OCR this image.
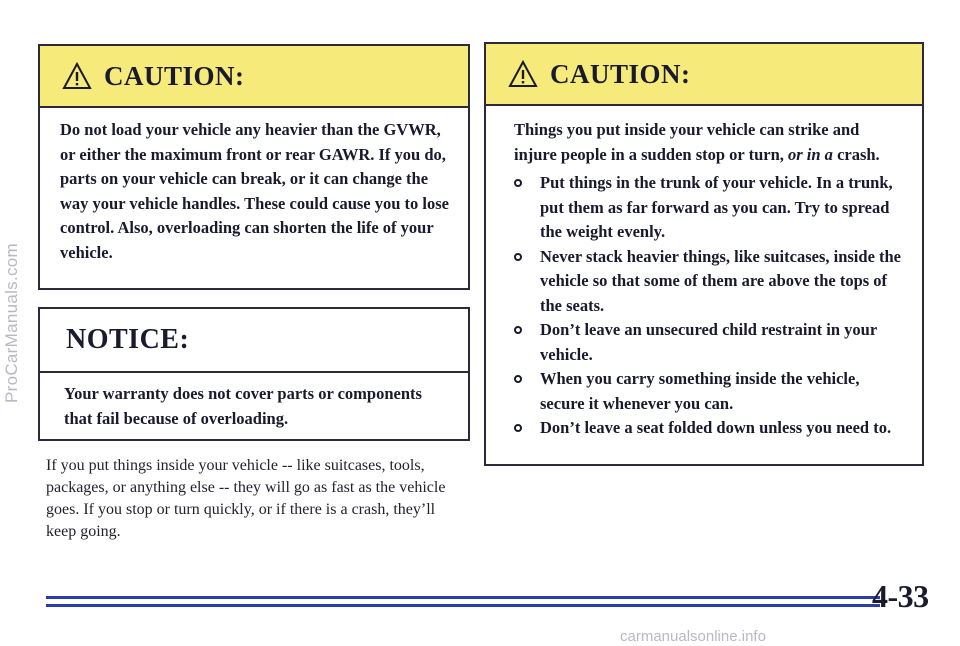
ProCarManuals.com
CAUTION:
Do not load your vehicle any heavier than the GVWR, or either the maximum front or rear GAWR. If you do, parts on your vehicle can break, or it can change the way your vehicle handles. These could cause you to lose control. Also, overloading can shorten the life of your vehicle.
NOTICE:
Your warranty does not cover parts or components that fail because of overloading.
CAUTION:
Things you put inside your vehicle can strike and injure people in a sudden stop or turn, or in a crash.
Put things in the trunk of your vehicle. In a trunk, put them as far forward as you can. Try to spread the weight evenly.
Never stack heavier things, like suitcases, inside the vehicle so that some of them are above the tops of the seats.
Don’t leave an unsecured child restraint in your vehicle.
When you carry something inside the vehicle, secure it whenever you can.
Don’t leave a seat folded down unless you need to.
If you put things inside your vehicle -- like suitcases, tools, packages, or anything else -- they will go as fast as the vehicle goes. If you stop or turn quickly, or if there is a crash, they’ll keep going.
4-33
carmanualsonline.info
